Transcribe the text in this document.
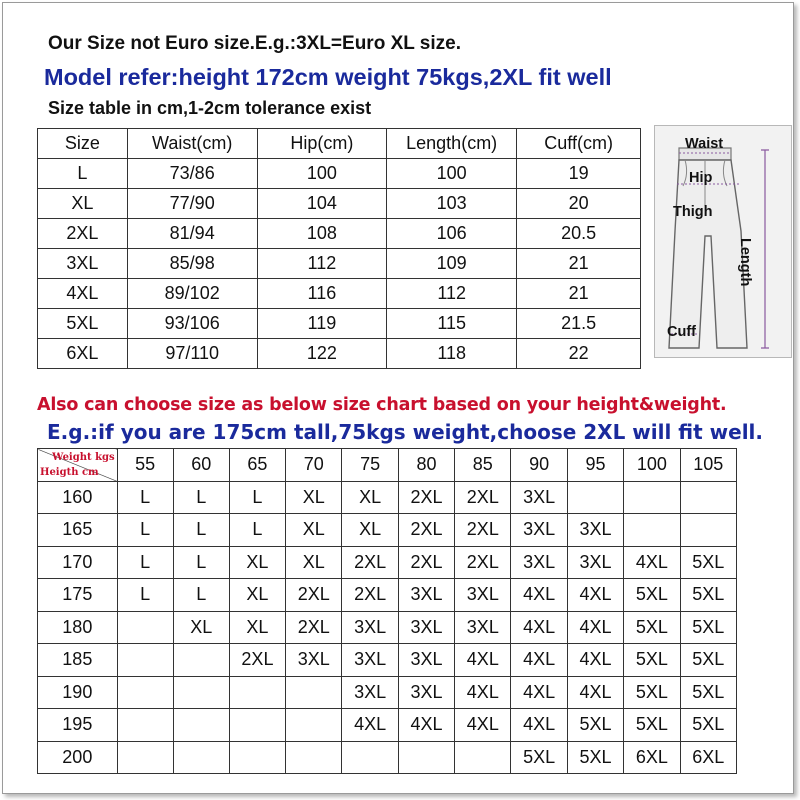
Our Size not Euro size.E.g.:3XL=Euro XL size.
Model refer:height 172cm weight 75kgs,2XL fit well
Size table in cm,1-2cm tolerance exist
Size	Waist(cm)	Hip(cm)	Length(cm)	Cuff(cm)
L	73/86	100	100	19
XL	77/90	104	103	20
2XL	81/94	108	106	20.5
3XL	85/98	112	109	21
4XL	89/102	116	112	21
5XL	93/106	119	115	21.5
6XL	97/110	122	118	22
Waist
Hip
Thigh
Cuff
Length
Also can choose size as below size chart based on your height&weight.
E.g.:if you are 175cm tall,75kgs weight,choose 2XL will fit well.
Weight kgs
Heigth cm	55	60	65	70	75	80	85	90	95	100	105
160	L	L	L	XL	XL	2XL	2XL	3XL			
165	L	L	L	XL	XL	2XL	2XL	3XL	3XL		
170	L	L	XL	XL	2XL	2XL	2XL	3XL	3XL	4XL	5XL
175	L	L	XL	2XL	2XL	3XL	3XL	4XL	4XL	5XL	5XL
180		XL	XL	2XL	3XL	3XL	3XL	4XL	4XL	5XL	5XL
185			2XL	3XL	3XL	3XL	4XL	4XL	4XL	5XL	5XL
190					3XL	3XL	4XL	4XL	4XL	5XL	5XL
195					4XL	4XL	4XL	4XL	5XL	5XL	5XL
200								5XL	5XL	6XL	6XL
